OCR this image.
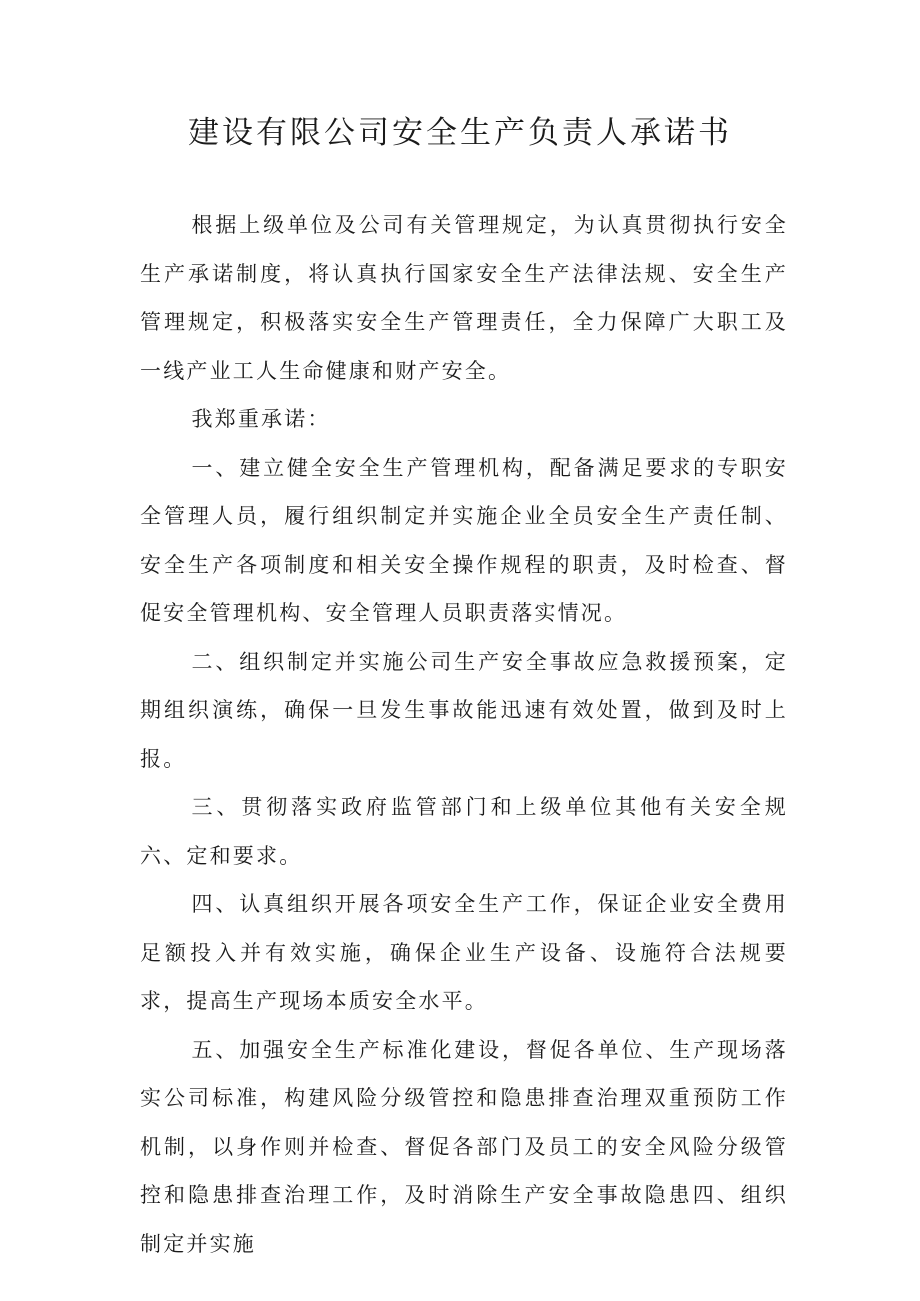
建设有限公司安全生产负责人承诺书

根据上级单位及公司有关管理规定，为认真贯彻执行安全生产承诺制度，将认真执行国家安全生产法律法规、安全生产管理规定，积极落实安全生产管理责任，全力保障广大职工及一线产业工人生命健康和财产安全。

我郑重承诺：

一、建立健全安全生产管理机构，配备满足要求的专职安全管理人员，履行组织制定并实施企业全员安全生产责任制、安全生产各项制度和相关安全操作规程的职责，及时检查、督促安全管理机构、安全管理人员职责落实情况。

二、组织制定并实施公司生产安全事故应急救援预案，定期组织演练，确保一旦发生事故能迅速有效处置，做到及时上报。

三、贯彻落实政府监管部门和上级单位其他有关安全规六、定和要求。

四、认真组织开展各项安全生产工作，保证企业安全费用足额投入并有效实施，确保企业生产设备、设施符合法规要求，提高生产现场本质安全水平。

五、加强安全生产标准化建设，督促各单位、生产现场落实公司标准，构建风险分级管控和隐患排查治理双重预防工作机制，以身作则并检查、督促各部门及员工的安全风险分级管控和隐患排查治理工作，及时消除生产安全事故隐患四、组织制定并实施
